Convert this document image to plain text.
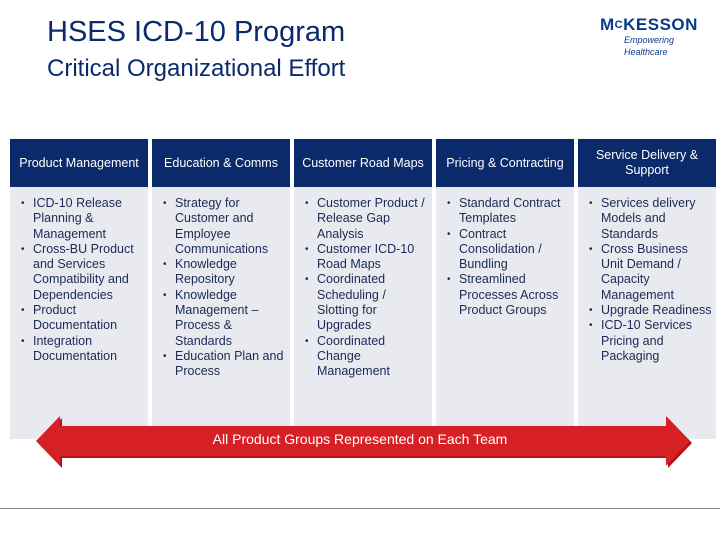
HSES ICD-10 Program
Critical Organizational Effort
$M^CKESSON$
Empowering Healthcare
Product Management
• ICD-10 Release Planning & Management
• Cross-BU Product and Services Compatibility and Dependencies
• Product Documentation
• Integration Documentation
Education & Comms
• Strategy for Customer and Employee Communications
• Knowledge Repository
• Knowledge Management – Process & Standards
• Education Plan and Process
Customer Road Maps
• Customer Product / Release Gap Analysis
• Customer ICD-10 Road Maps
• Coordinated Scheduling / Slotting for Upgrades
• Coordinated Change Management
Pricing & Contracting
• Standard Contract Templates
• Contract Consolidation / Bundling
• Streamlined Processes Across Product Groups
Service Delivery & Support
• Services delivery Models and Standards
• Cross Business Unit Demand / Capacity Management
• Upgrade Readiness
• ICD-10 Services Pricing and Packaging
All Product Groups Represented on Each Team
